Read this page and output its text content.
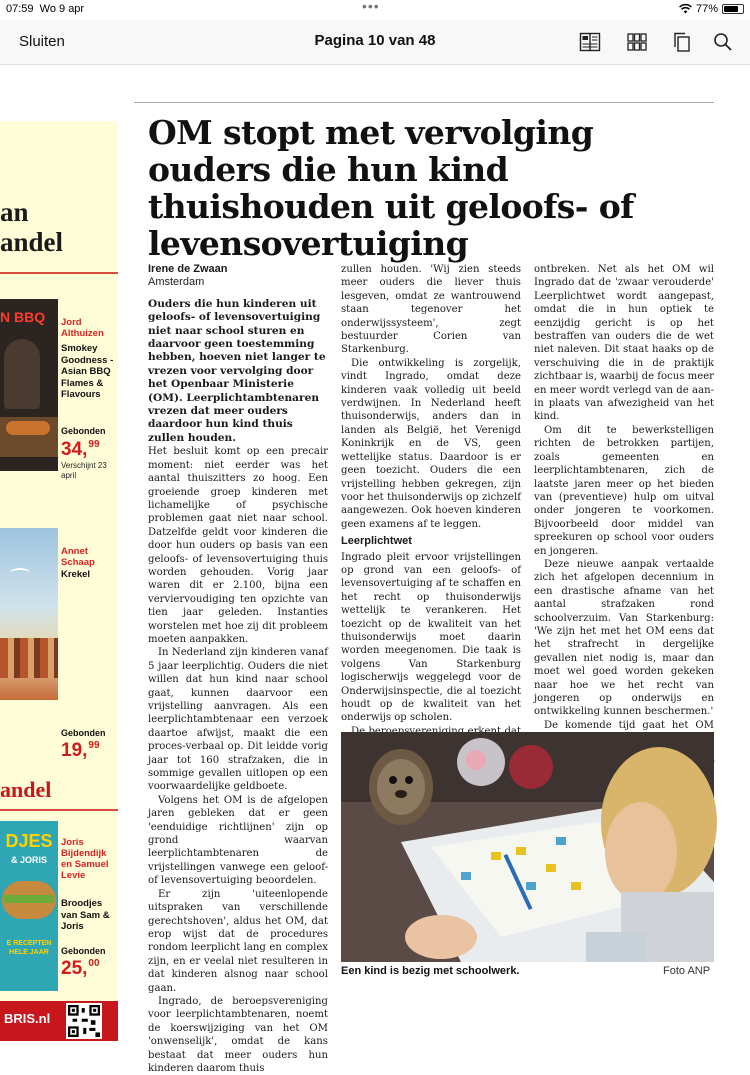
07:59 Wo 9 apr	•••	77%
Sluiten	Pagina 10 van 48
an
andel
N BBQ Jord Althuizen
Smokey Goodness - Asian BBQ Flames & Flavours
Gebonden
34,99
Verschijnt 23 april
Annet Schaap
Krekel
Gebonden
19,99
andel
DJES
& JORIS
E RECEPTEN HELE JAAR
Joris Bijdendijk en Samuel Levie
Broodjes van Sam & Joris
Gebonden
25,00
BRIS.nl
OM stopt met vervolging ouders die hun kind thuishouden uit geloofs- of levensovertuiging
Irene de Zwaan
Amsterdam

Ouders die hun kinderen uit geloofs- of levensovertuiging niet naar school sturen en daarvoor geen toestemming hebben, hoeven niet langer te vrezen voor vervolging door het Openbaar Ministerie (OM). Leerplichtambtenaren vrezen dat meer ouders daardoor hun kind thuis zullen houden.

Het besluit komt op een precair moment: niet eerder was het aantal thuiszitters zo hoog. Een groeiende groep kinderen met lichamelijke of psychische problemen gaat niet naar school. Datzelfde geldt voor kinderen die door hun ouders op basis van een geloofs- of levensovertuiging thuis worden gehouden. Vorig jaar waren dit er 2.100, bijna een verviervoudiging ten opzichte van tien jaar geleden. Instanties worstelen met hoe zij dit probleem moeten aanpakken.

In Nederland zijn kinderen vanaf 5 jaar leerplichtig. Ouders die niet willen dat hun kind naar school gaat, kunnen daarvoor een vrijstelling aanvragen. Als een leerplichtambtenaar een verzoek daartoe afwijst, maakt die een proces-verbaal op. Dit leidde vorig jaar tot 160 strafzaken, die in sommige gevallen uitlopen op een voorwaardelijke geldboete.

Volgens het OM is de afgelopen jaren gebleken dat er geen 'eenduidige richtlijnen' zijn op grond waarvan leerplichtambtenaren de vrijstellingen vanwege een geloof- of levensovertuiging beoordelen.

Er zijn 'uiteenlopende uitspraken van verschillende gerechtshoven', aldus het OM, dat erop wijst dat de procedures rondom leerplicht lang en complex zijn, en er veelal niet resulteren in dat kinderen alsnog naar school gaan.

Ingrado, de beroepsvereniging voor leerplichtambtenaren, noemt de koerswijziging van het OM 'onwenselijk', omdat de kans bestaat dat meer ouders hun kinderen daarom thuis

zullen houden. 'Wij zien steeds meer ouders die liever thuis lesgeven, omdat ze wantrouwend staan tegenover het onderwijssysteem', zegt bestuurder Corien van Starkenburg.

Die ontwikkeling is zorgelijk, vindt Ingrado, omdat deze kinderen vaak volledig uit beeld verdwijnen. In Nederland heeft thuisonderwijs, anders dan in landen als België, het Verenigd Koninkrijk en de VS, geen wettelijke status. Daardoor is er geen toezicht. Ouders die een vrijstelling hebben gekregen, zijn voor het thuisonderwijs op zichzelf aangewezen. Ook hoeven kinderen geen examens af te leggen.

Leerplichtwet

Ingrado pleit ervoor vrijstellingen op grond van een geloofs- of levensovertuiging af te schaffen en het recht op thuisonderwijs wettelijk te verankeren. Het toezicht op de kwaliteit van het thuisonderwijs moet daarin worden meegenomen. Die taak is volgens Van Starkenburg logischerwijs weggelegd voor de Onderwijsinspectie, die al toezicht houdt op de kwaliteit van het onderwijs op scholen.

ontbreken. Net als het OM wil Ingrado dat de 'zwaar verouderde' Leerplichtwet wordt aangepast, omdat die in hun optiek te eenzijdig gericht is op het bestraffen van ouders die de wet niet naleven. Dit staat haaks op de verschuiving die in de praktijk zichtbaar is, waarbij de focus meer en meer wordt verlegd van de aan- in plaats van afwezigheid van het kind.

Om dit te bewerkstelligen richten de betrokken partijen, zoals gemeenten en leerplichtambtenaren, zich de laatste jaren meer op het bieden van (preventieve) hulp om uitval onder jongeren te voorkomen. Bijvoorbeeld door middel van spreekuren op school voor ouders en jongeren.

Deze nieuwe aanpak vertaalde zich het afgelopen decennium in een drastische afname van het aantal strafzaken rond schoolverzuim. Van Starkenburg: 'We zijn het met het OM eens dat het strafrecht in dergelijke gevallen niet nodig is, maar dan moet wel goed worden gekeken naar hoe we het recht van jongeren op onderwijs en ontwikkeling kunnen beschermen.'

De komende tijd gaat het OM

Een kind is bezig met schoolwerk.	Foto ANP
